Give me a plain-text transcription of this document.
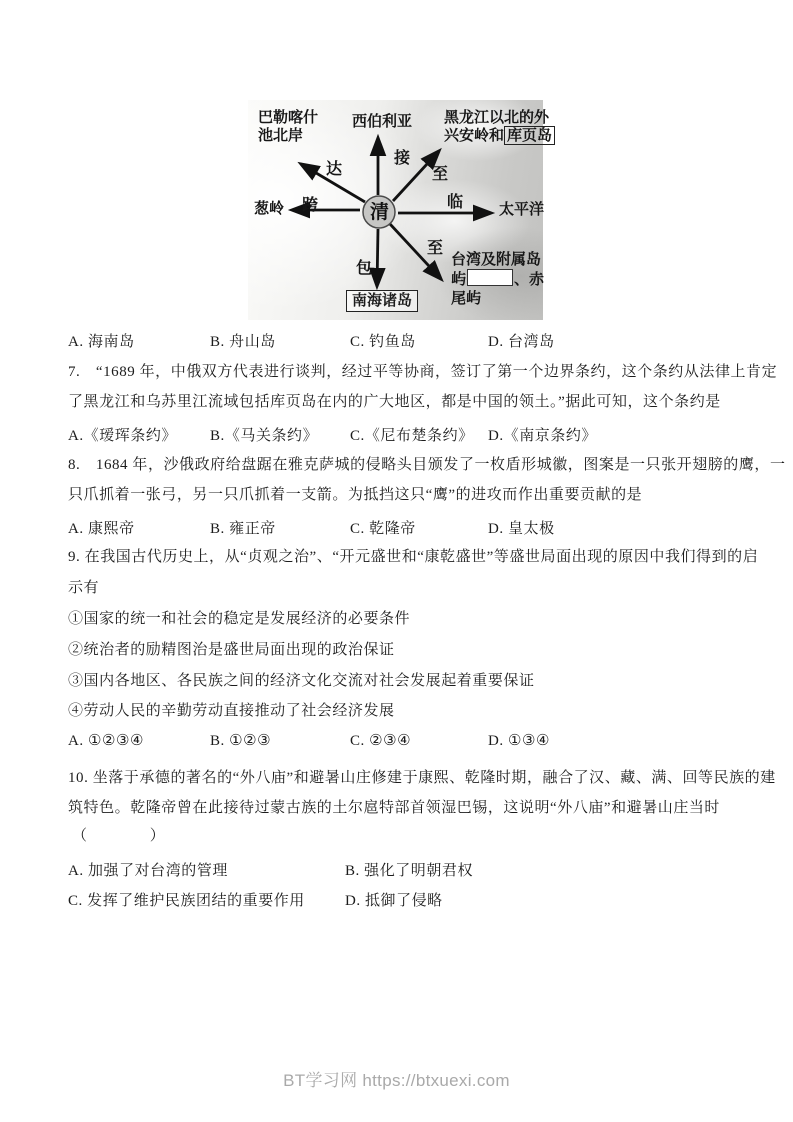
清
巴勒喀什
池北岸
西伯利亚 黑龙江以北的外
兴安岭和 库页岛
葱岭	太平洋
南海诸岛
台湾及附属岛
屿	、赤
尾屿
达
接
至
跨	临
至
包
A. 海南岛	B. 舟山岛	C. 钓鱼岛	D. 台湾岛
7.　“1689 年，中俄双方代表进行谈判，经过平等协商，签订了第一个边界条约，这个条约从法律上肯定
了黑龙江和乌苏里江流域包括库页岛在内的广大地区，都是中国的领土。”据此可知，这个条约是
A.《瑷珲条约》 B.《马关条约》 C.《尼布楚条约》 D.《南京条约》
8.　1684 年，沙俄政府给盘踞在雅克萨城的侵略头目颁发了一枚盾形城徽，图案是一只张开翅膀的鹰，一
只爪抓着一张弓，另一只爪抓着一支箭。为抵挡这只“鹰”的进攻而作出重要贡献的是
A. 康熙帝	B. 雍正帝	C. 乾隆帝	D. 皇太极
9. 在我国古代历史上，从“贞观之治”、“开元盛世和“康乾盛世”等盛世局面出现的原因中我们得到的启
示有
①国家的统一和社会的稳定是发展经济的必要条件
②统治者的励精图治是盛世局面出现的政治保证
③国内各地区、各民族之间的经济文化交流对社会发展起着重要保证
④劳动人民的辛勤劳动直接推动了社会经济发展
A. ①②③④	B. ①②③	C. ②③④	D. ①③④
10. 坐落于承德的著名的“外八庙”和避暑山庄修建于康熙、乾隆时期，融合了汉、藏、满、回等民族的建
筑特色。乾隆帝曾在此接待过蒙古族的土尔扈特部首领湿巴锡，这说明“外八庙”和避暑山庄当时
（　　　　）
A. 加强了对台湾的管理	B. 强化了明朝君权
C. 发挥了维护民族团结的重要作用	D. 抵御了侵略
BT学习网 https://btxuexi.com
